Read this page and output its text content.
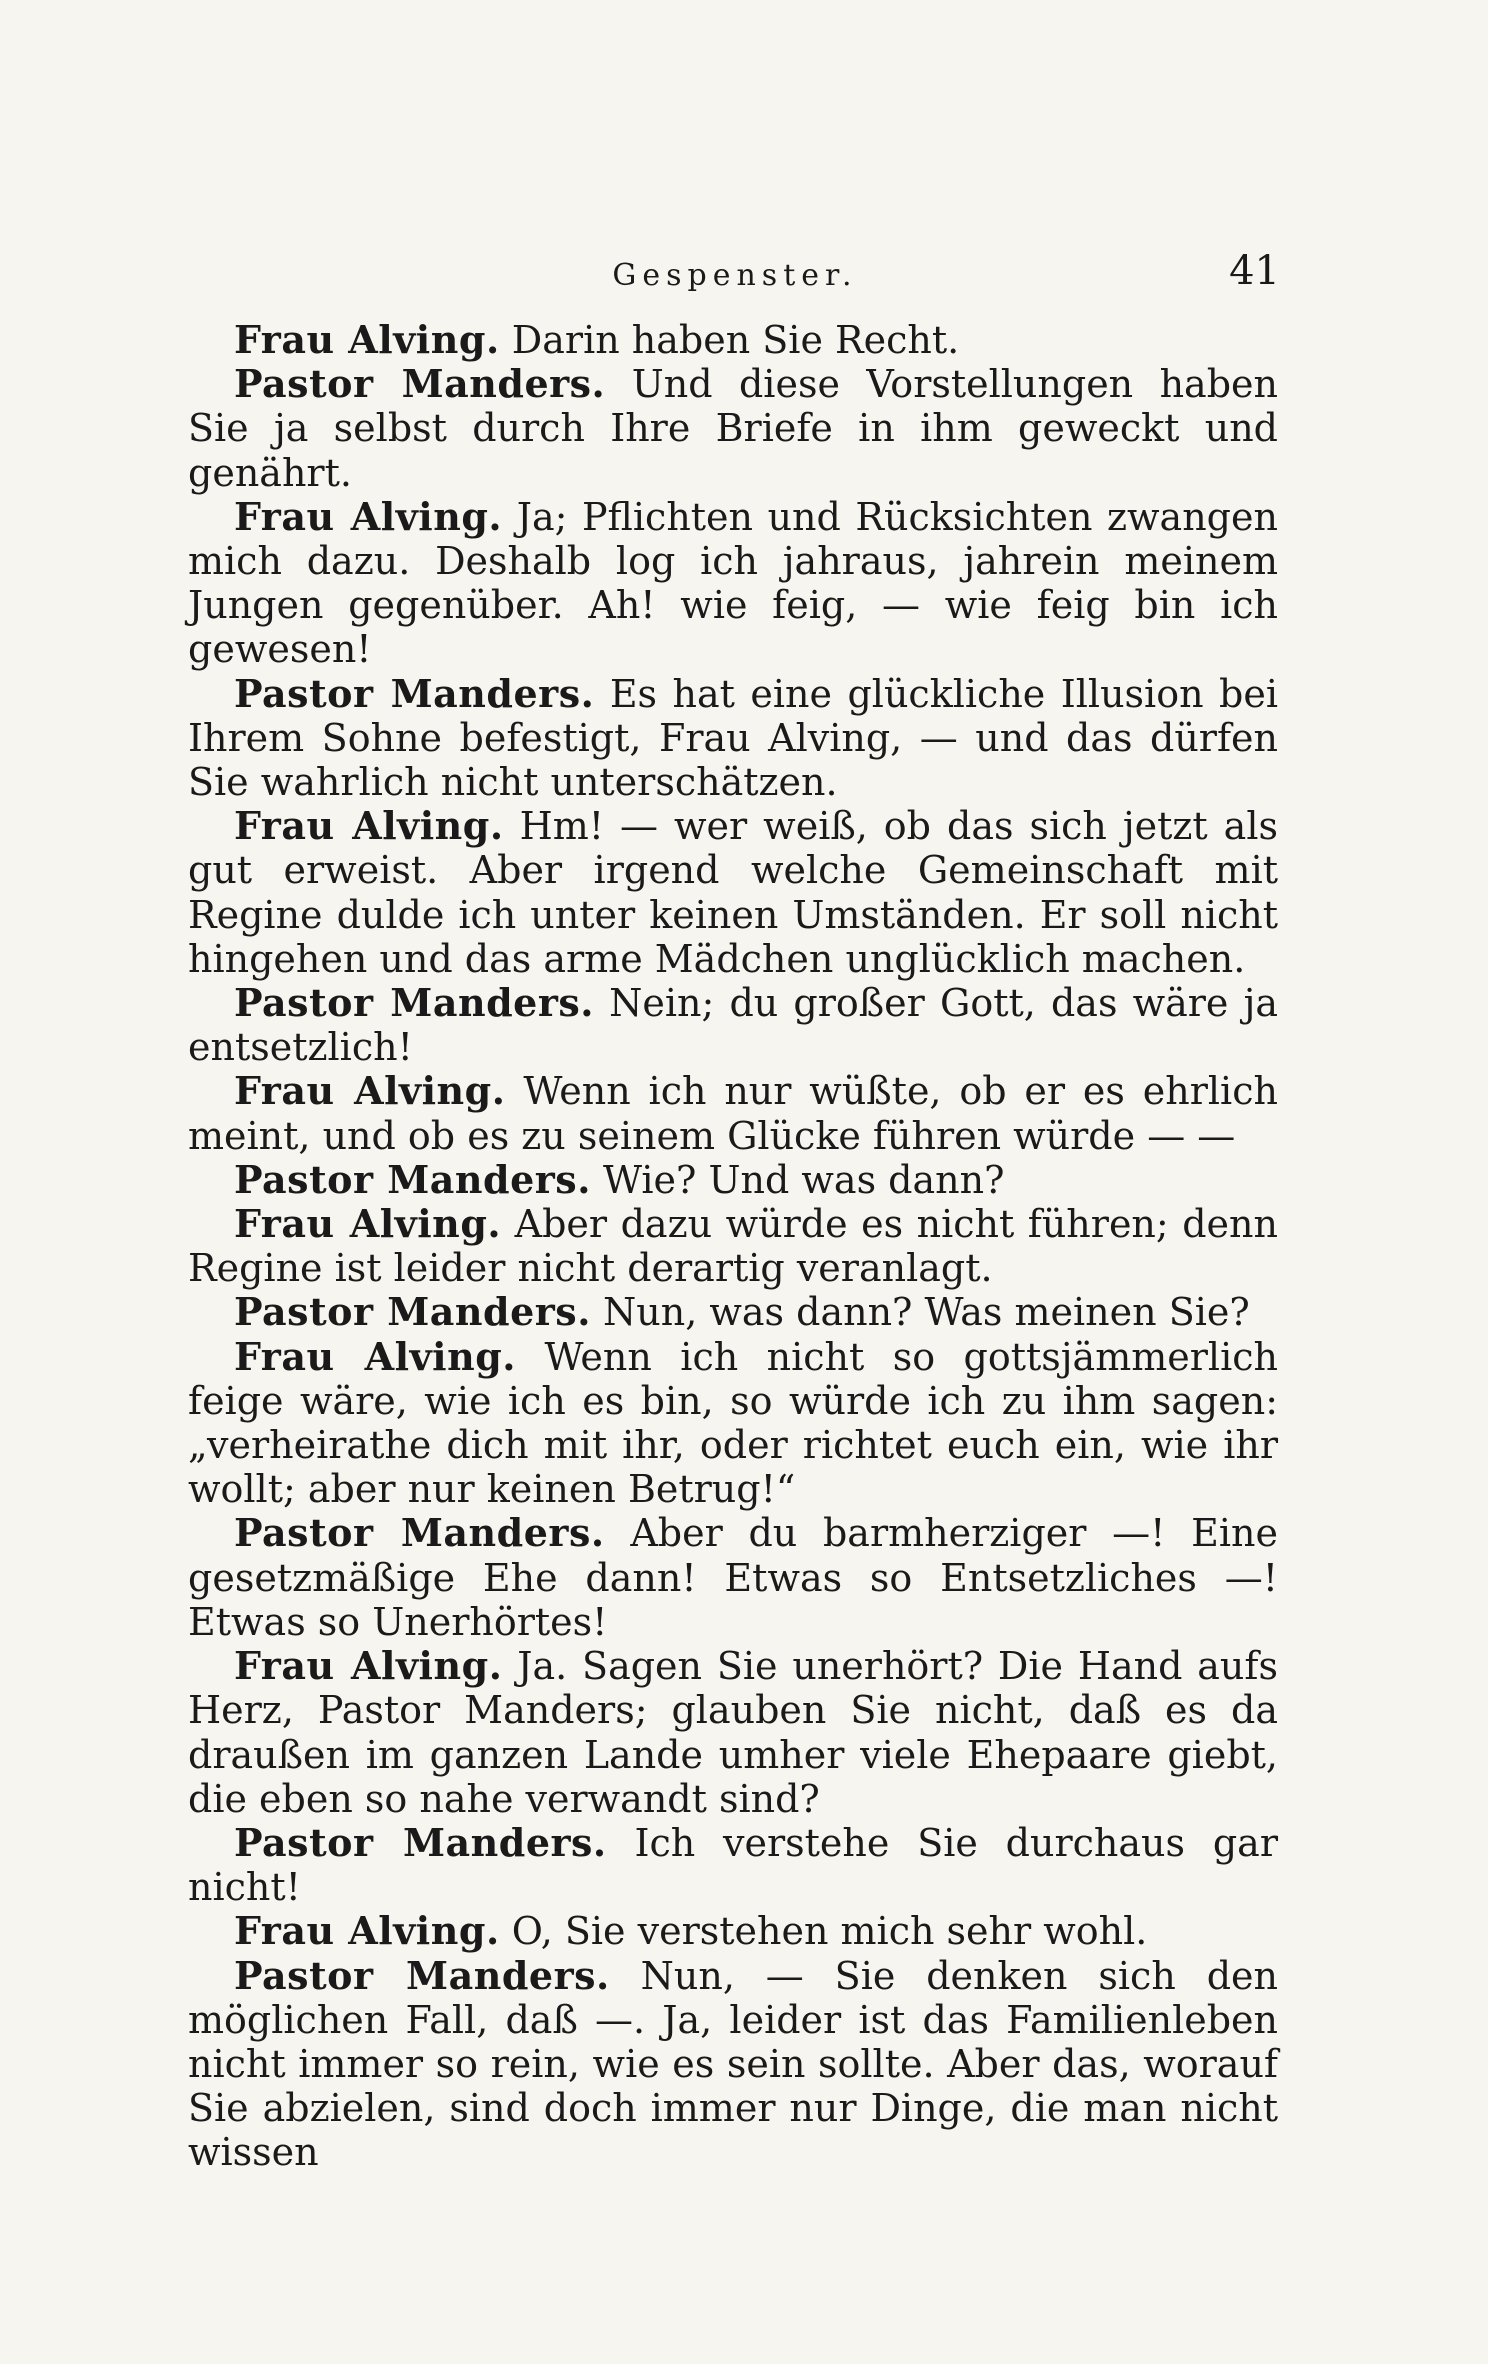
Gespenster.	41

Frau Alving. Darin haben Sie Recht.

Pastor Manders. Und diese Vorstellungen haben Sie ja selbst durch Ihre Briefe in ihm geweckt und genährt.

Frau Alving. Ja; Pflichten und Rücksichten zwangen mich dazu. Deshalb log ich jahraus, jahrein meinem Jungen gegenüber. Ah! wie feig, — wie feig bin ich gewesen!

Pastor Manders. Es hat eine glückliche Illusion bei Ihrem Sohne befestigt, Frau Alving, — und das dürfen Sie wahrlich nicht unterschätzen.

Frau Alving. Hm! — wer weiß, ob das sich jetzt als gut erweist. Aber irgend welche Gemeinschaft mit Regine dulde ich unter keinen Umständen. Er soll nicht hingehen und das arme Mädchen unglücklich machen.

Pastor Manders. Nein; du großer Gott, das wäre ja entsetzlich!

Frau Alving. Wenn ich nur wüßte, ob er es ehrlich meint, und ob es zu seinem Glücke führen würde — —

Pastor Manders. Wie? Und was dann?

Frau Alving. Aber dazu würde es nicht führen; denn Regine ist leider nicht derartig veranlagt.

Pastor Manders. Nun, was dann? Was meinen Sie?

Frau Alving. Wenn ich nicht so gottsjämmerlich feige wäre, wie ich es bin, so würde ich zu ihm sagen: „verheirathe dich mit ihr, oder richtet euch ein, wie ihr wollt; aber nur keinen Betrug!“

Pastor Manders. Aber du barmherziger —! Eine gesetzmäßige Ehe dann! Etwas so Entsetzliches —! Etwas so Unerhörtes!

Frau Alving. Ja. Sagen Sie unerhört? Die Hand aufs Herz, Pastor Manders; glauben Sie nicht, daß es da draußen im ganzen Lande umher viele Ehepaare giebt, die eben so nahe verwandt sind?

Pastor Manders. Ich verstehe Sie durchaus gar nicht!

Frau Alving. O, Sie verstehen mich sehr wohl.

Pastor Manders. Nun, — Sie denken sich den möglichen Fall, daß —. Ja, leider ist das Familienleben nicht immer so rein, wie es sein sollte. Aber das, worauf Sie abzielen, sind doch immer nur Dinge, die man nicht wissen
